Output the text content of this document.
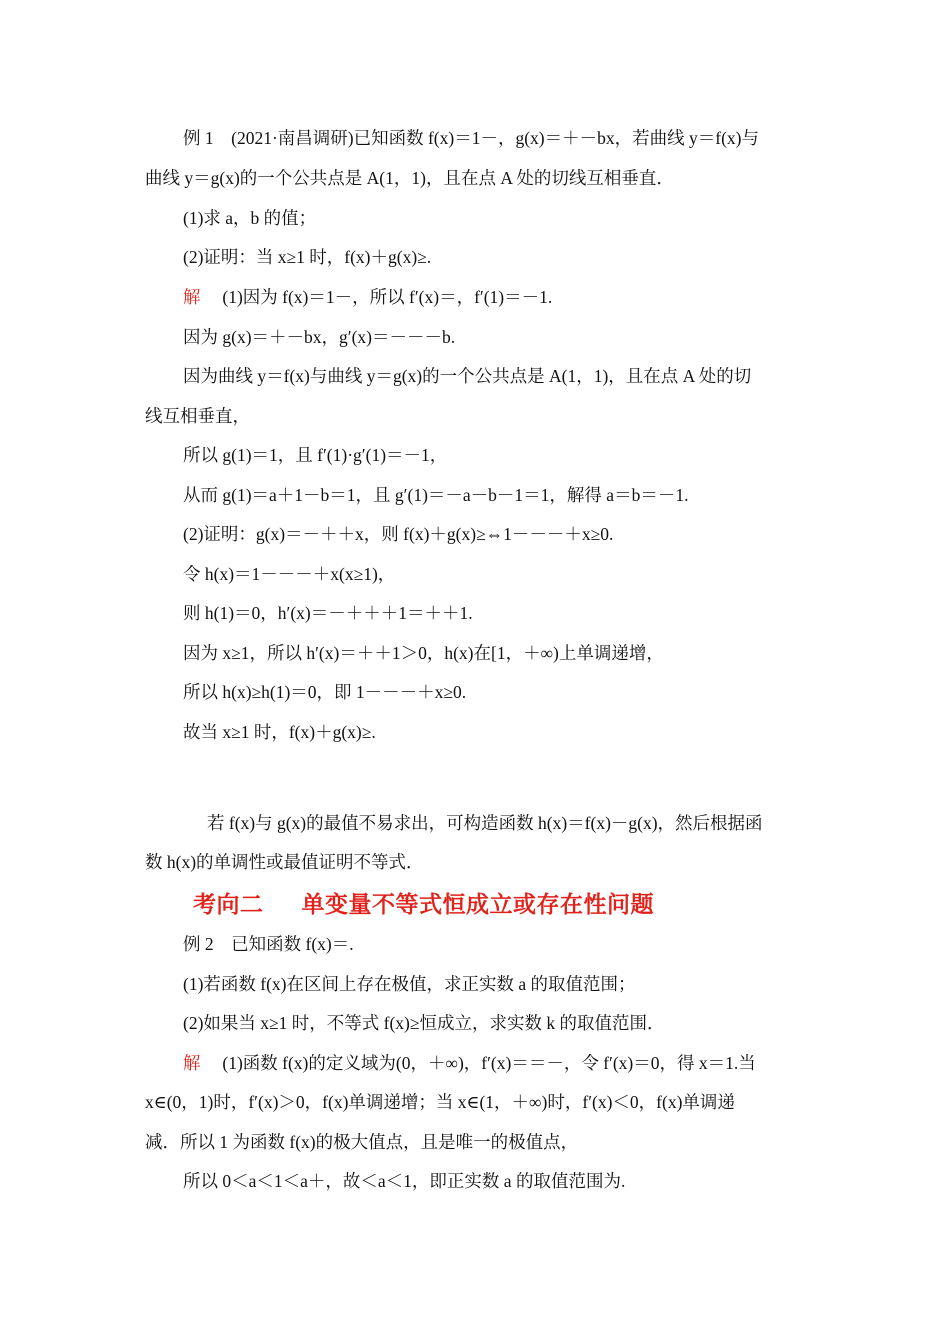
例 1　(2021·南昌调研)已知函数 f(x)＝1－，g(x)＝＋－bx，若曲线 y＝f(x)与
曲线 y＝g(x)的一个公共点是 A(1，1)，且在点 A 处的切线互相垂直．
(1)求 a，b 的值；
(2)证明：当 x≥1 时，f(x)＋g(x)≥.
解　 (1)因为 f(x)＝1－，所以 f′(x)＝，f′(1)＝－1.
因为 g(x)＝＋－bx，g′(x)＝－－－b.
因为曲线 y＝f(x)与曲线 y＝g(x)的一个公共点是 A(1，1)，且在点 A 处的切
线互相垂直，
所以 g(1)＝1，且 f′(1)·g′(1)＝－1，
从而 g(1)＝a＋1－b＝1，且 g′(1)＝－a－b－1＝1，解得 a＝b＝－1.
(2)证明：g(x)＝－＋＋x，则 f(x)＋g(x)≥⇔1－－－＋x≥0.
令 h(x)＝1－－－＋x(x≥1)，
则 h(1)＝0，h′(x)＝－＋＋＋1＝＋＋1.
因为 x≥1，所以 h′(x)＝＋＋1＞0，h(x)在[1，＋∞)上单调递增，
所以 h(x)≥h(1)＝0，即 1－－－＋x≥0.
故当 x≥1 时，f(x)＋g(x)≥.
若 f(x)与 g(x)的最值不易求出，可构造函数 h(x)＝f(x)－g(x)，然后根据函
数 h(x)的单调性或最值证明不等式．
考向二 单变量不等式恒成立或存在性问题
例 2　已知函数 f(x)＝.
(1)若函数 f(x)在区间上存在极值，求正实数 a 的取值范围；
(2)如果当 x≥1 时，不等式 f(x)≥恒成立，求实数 k 的取值范围．
解　 (1)函数 f(x)的定义域为(0，＋∞)，f′(x)＝＝－，令 f′(x)＝0，得 x＝1.当
x∈(0，1)时，f′(x)＞0，f(x)单调递增；当 x∈(1，＋∞)时，f′(x)＜0，f(x)单调递
减．所以 1 为函数 f(x)的极大值点，且是唯一的极值点，
所以 0＜a＜1＜a＋，故＜a＜1，即正实数 a 的取值范围为.
